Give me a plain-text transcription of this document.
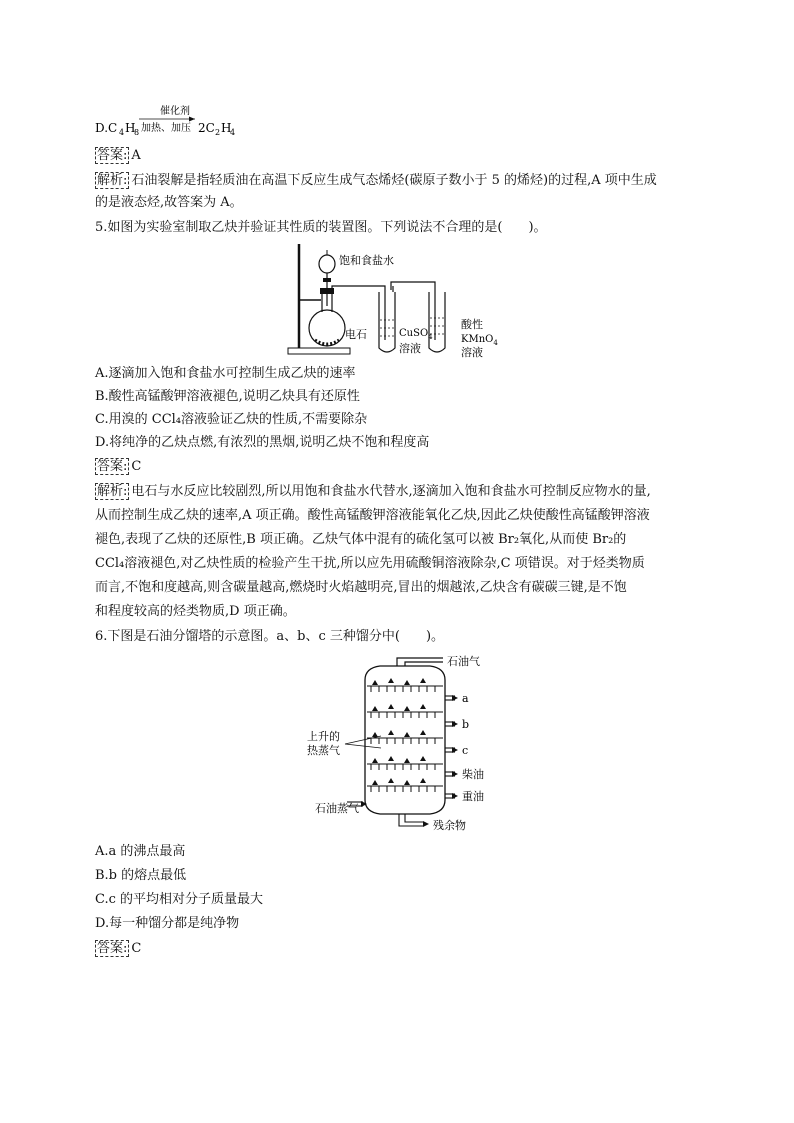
D.C 4 H
8
催化剂
加热、加压 2C 2 H
4
答案: A
解析: 石油裂解是指轻质油在高温下反应生成气态烯烃(碳原子数小于 5 的烯烃)的过程,A 项中生成
的是液态烃,故答案为 A。
5.如图为实验室制取乙炔并验证其性质的装置图。下列说法不合理的是(　　)。
饱和食盐水
电石	CuSO$_4$
溶液
酸性
KMnO$_4$
溶液
A.逐滴加入饱和食盐水可控制生成乙炔的速率
B.酸性高锰酸钾溶液褪色,说明乙炔具有还原性
C.用溴的 CCl₄溶液验证乙炔的性质,不需要除杂
D.将纯净的乙炔点燃,有浓烈的黑烟,说明乙炔不饱和程度高
答案: C
解析: 电石与水反应比较剧烈,所以用饱和食盐水代替水,逐滴加入饱和食盐水可控制反应物水的量,
从而控制生成乙炔的速率,A 项正确。酸性高锰酸钾溶液能氧化乙炔,因此乙炔使酸性高锰酸钾溶液
褪色,表现了乙炔的还原性,B 项正确。乙炔气体中混有的硫化氢可以被 Br₂氧化,从而使 Br₂的
CCl₄溶液褪色,对乙炔性质的检验产生干扰,所以应先用硫酸铜溶液除杂,C 项错误。对于烃类物质
而言,不饱和度越高,则含碳量越高,燃烧时火焰越明亮,冒出的烟越浓,乙炔含有碳碳三键,是不饱
和程度较高的烃类物质,D 项正确。
6.下图是石油分馏塔的示意图。a、b、c 三种馏分中(　　)。
石油气
a
b
c
柴油
重油
上升的
热蒸气
石油蒸气
残余物
A.a 的沸点最高
B.b 的熔点最低
C.c 的平均相对分子质量最大
D.每一种馏分都是纯净物
答案: C
